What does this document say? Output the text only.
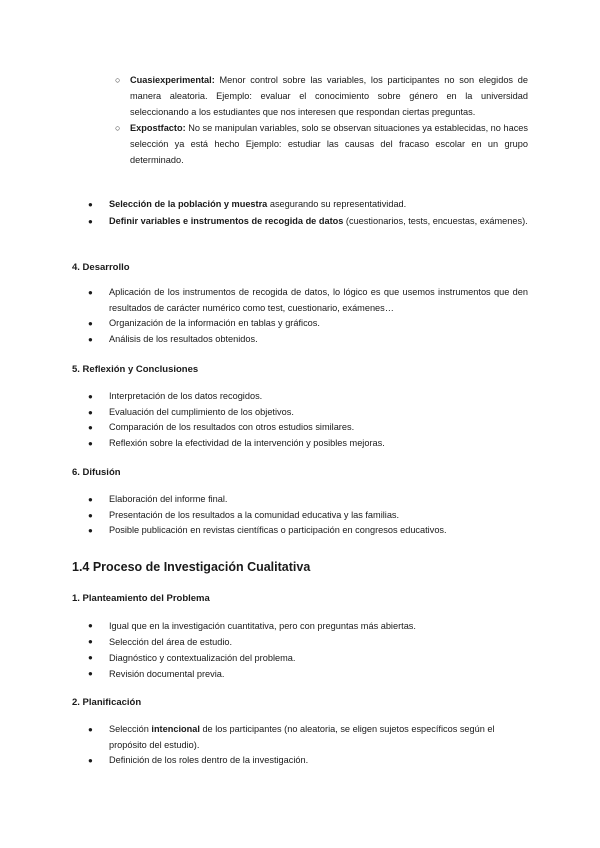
○ Cuasiexperimental: Menor control sobre las variables, los participantes no son elegidos de manera aleatoria. Ejemplo: evaluar el conocimiento sobre género en la universidad seleccionando a los estudiantes que nos interesen que respondan ciertas preguntas.
○ Expostfacto: No se manipulan variables, solo se observan situaciones ya establecidas, no haces selección ya está hecho Ejemplo: estudiar las causas del fracaso escolar en un grupo determinado.
● Selección de la población y muestra asegurando su representatividad.
● Definir variables e instrumentos de recogida de datos (cuestionarios, tests, encuestas, exámenes).
4. Desarrollo
● Aplicación de los instrumentos de recogida de datos, lo lógico es que usemos instrumentos que den resultados de carácter numérico como test, cuestionario, exámenes…
● Organización de la información en tablas y gráficos.
● Análisis de los resultados obtenidos.
5. Reflexión y Conclusiones
● Interpretación de los datos recogidos.
● Evaluación del cumplimiento de los objetivos.
● Comparación de los resultados con otros estudios similares.
● Reflexión sobre la efectividad de la intervención y posibles mejoras.
6. Difusión
● Elaboración del informe final.
● Presentación de los resultados a la comunidad educativa y las familias.
● Posible publicación en revistas científicas o participación en congresos educativos.
1.4 Proceso de Investigación Cualitativa
1. Planteamiento del Problema
● Igual que en la investigación cuantitativa, pero con preguntas más abiertas.
● Selección del área de estudio.
● Diagnóstico y contextualización del problema.
● Revisión documental previa.
2. Planificación
● Selección intencional de los participantes (no aleatoria, se eligen sujetos específicos según el propósito del estudio).
● Definición de los roles dentro de la investigación.
